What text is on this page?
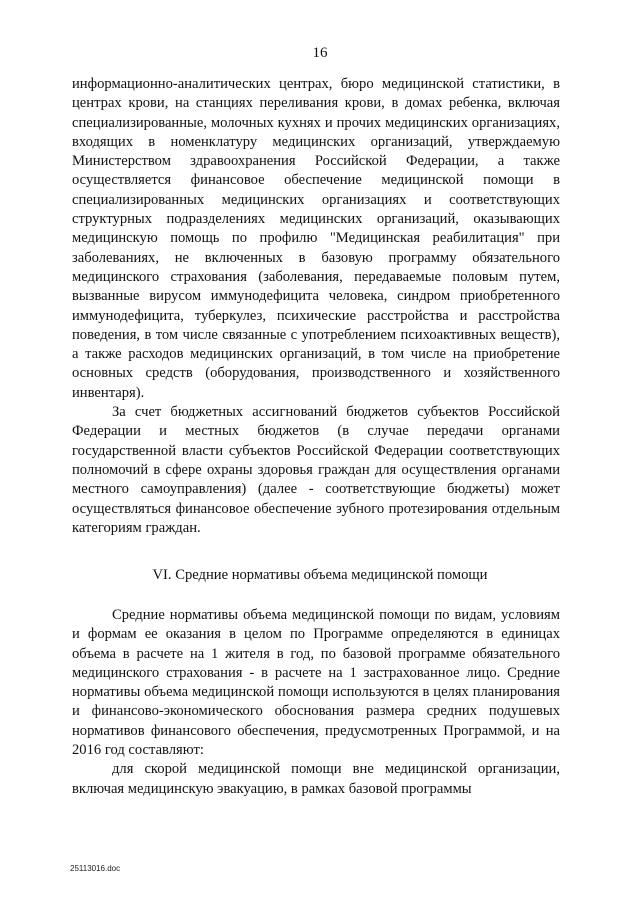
16

информационно-аналитических центрах, бюро медицинской статистики, в центрах крови, на станциях переливания крови, в домах ребенка, включая специализированные, молочных кухнях и прочих медицинских организациях, входящих в номенклатуру медицинских организаций, утверждаемую Министерством здравоохранения Российской Федерации, а также осуществляется финансовое обеспечение медицинской помощи в специализированных медицинских организациях и соответствующих структурных подразделениях медицинских организаций, оказывающих медицинскую помощь по профилю "Медицинская реабилитация" при заболеваниях, не включенных в базовую программу обязательного медицинского страхования (заболевания, передаваемые половым путем, вызванные вирусом иммунодефицита человека, синдром приобретенного иммунодефицита, туберкулез, психические расстройства и расстройства поведения, в том числе связанные с употреблением психоактивных веществ), а также расходов медицинских организаций, в том числе на приобретение основных средств (оборудования, производственного и хозяйственного инвентаря).

За счет бюджетных ассигнований бюджетов субъектов Российской Федерации и местных бюджетов (в случае передачи органами государственной власти субъектов Российской Федерации соответствующих полномочий в сфере охраны здоровья граждан для осуществления органами местного самоуправления) (далее - соответствующие бюджеты) может осуществляться финансовое обеспечение зубного протезирования отдельным категориям граждан.

VI. Средние нормативы объема медицинской помощи

Средние нормативы объема медицинской помощи по видам, условиям и формам ее оказания в целом по Программе определяются в единицах объема в расчете на 1 жителя в год, по базовой программе обязательного медицинского страхования - в расчете на 1 застрахованное лицо. Средние нормативы объема медицинской помощи используются в целях планирования и финансово-экономического обоснования размера средних подушевых нормативов финансового обеспечения, предусмотренных Программой, и на 2016 год составляют:

для скорой медицинской помощи вне медицинской организации, включая медицинскую эвакуацию, в рамках базовой программы

25113016.doc
